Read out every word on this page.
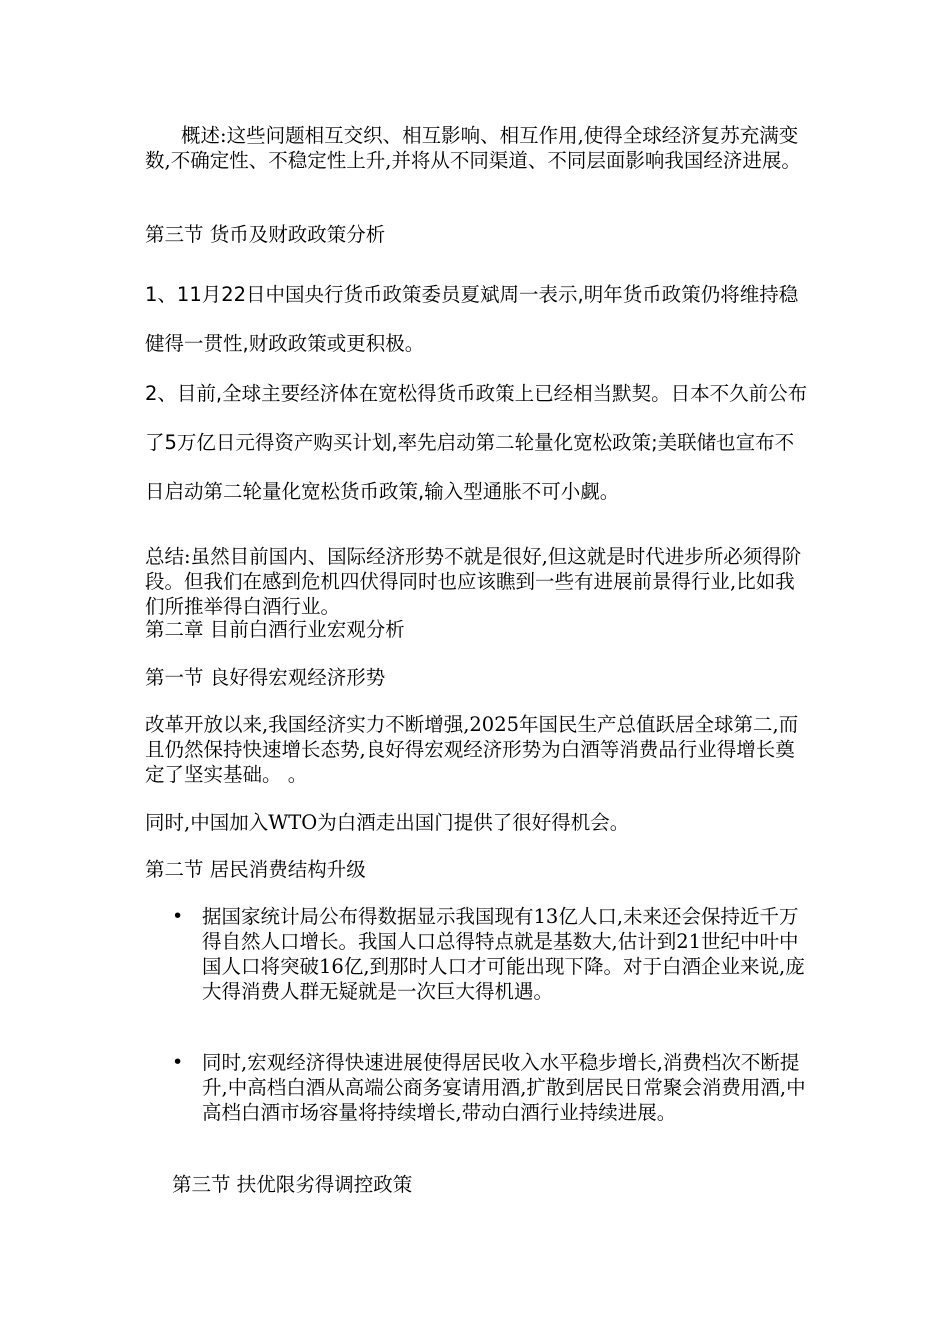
概述:这些问题相互交织、相互影响、相互作用,使得全球经济复苏充满变数,不确定性、不稳定性上升,并将从不同渠道、不同层面影响我国经济进展。

第三节 货币及财政政策分析

1、11月22日中国央行货币政策委员夏斌周一表示,明年货币政策仍将维持稳健得一贯性,财政政策或更积极。

2、目前,全球主要经济体在宽松得货币政策上已经相当默契。日本不久前公布了5万亿日元得资产购买计划,率先启动第二轮量化宽松政策;美联储也宣布不日启动第二轮量化宽松货币政策,输入型通胀不可小觑。

总结:虽然目前国内、国际经济形势不就是很好,但这就是时代进步所必须得阶段。但我们在感到危机四伏得同时也应该瞧到一些有进展前景得行业,比如我们所推举得白酒行业。

第二章 目前白酒行业宏观分析

第一节 良好得宏观经济形势

改革开放以来,我国经济实力不断增强,2025年国民生产总值跃居全球第二,而且仍然保持快速增长态势,良好得宏观经济形势为白酒等消费品行业得增长奠定了坚实基础。 。

同时,中国加入WTO为白酒走出国门提供了很好得机会。

第二节 居民消费结构升级

• 据国家统计局公布得数据显示我国现有13亿人口,未来还会保持近千万得自然人口增长。我国人口总得特点就是基数大,估计到21世纪中叶中国人口将突破16亿,到那时人口才可能出现下降。对于白酒企业来说,庞大得消费人群无疑就是一次巨大得机遇。

• 同时,宏观经济得快速进展使得居民收入水平稳步增长,消费档次不断提升,中高档白酒从高端公商务宴请用酒,扩散到居民日常聚会消费用酒,中高档白酒市场容量将持续增长,带动白酒行业持续进展。

第三节 扶优限劣得调控政策
